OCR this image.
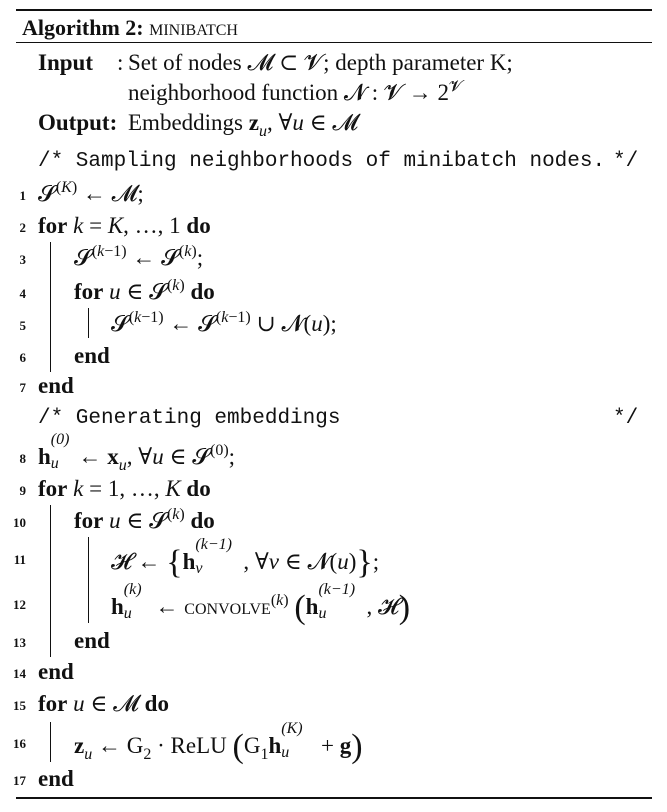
Algorithm 2: minibatch
Input : Set of nodes 𝓜 ⊂ 𝓥; depth parameter K;
neighborhood function 𝓝 : 𝓥 → $2^𝓥$
Output: Embeddings $z_u$, ∀u ∈ 𝓜
/* Sampling neighborhoods of minibatch nodes. */
1
2
3
4
5
6
7
8
9
10
11
12
13
14
15
16
17
𝓢$^{(K)}$ ← 𝓜;
for k = K, …, 1 do
𝓢$^{(k-1)}$ ← 𝓢$^{(k)}$;
for u ∈ 𝓢$^{(k)}$ do
𝓢$^{(k-1)}$ ← 𝓢$^{(k-1)}$ ∪ 𝓝(u);
end
end
/* Generating embeddings	*/
h
(0)
u ← $x_u$, ∀u ∈ 𝓢$^{(0)}$;
for k = 1, …, K do
for u ∈ 𝓢$^{(k)}$ do
𝓗 ← {h
(k−1)
v , ∀v ∈ 𝓝(u)};
h
(k)
u ← convolve$^{(k)}$ (h
(k−1)
u , 𝓗)
end
end
for u ∈ 𝓜 do
$z_u$ ← $G_2$ · ReLU ($G_1h$
(K)
u + g)
end
